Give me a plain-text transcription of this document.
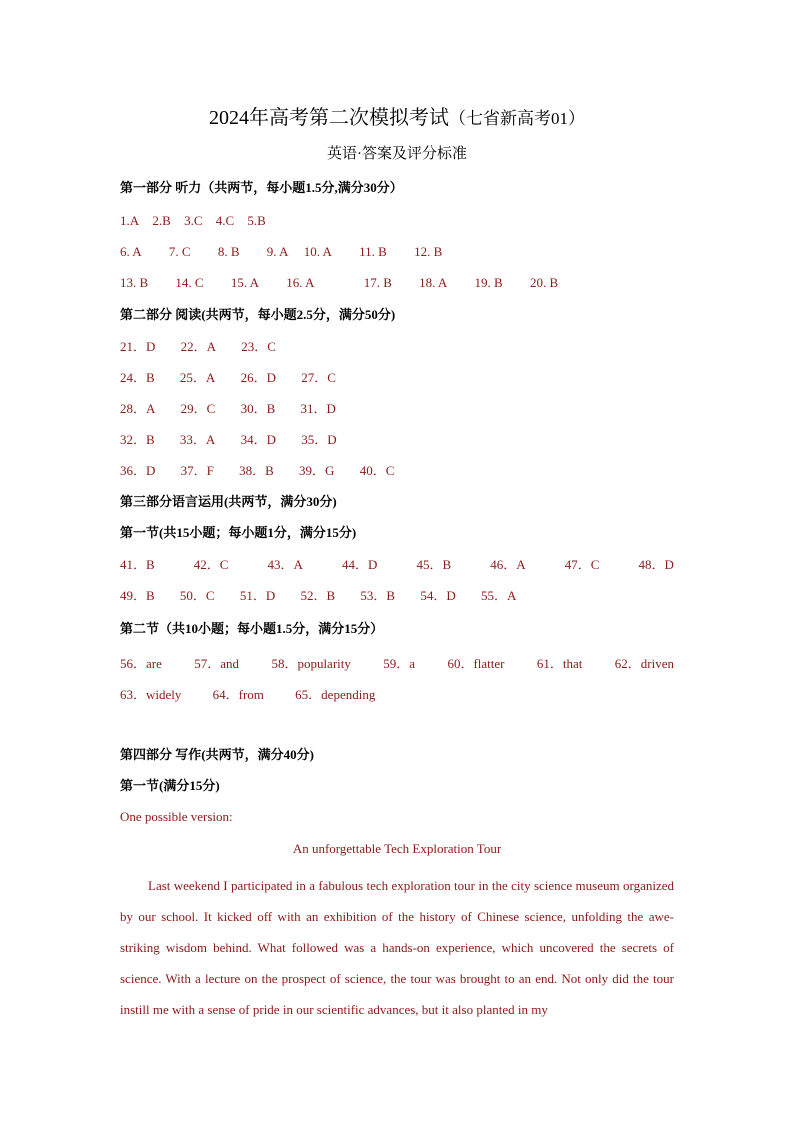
2024年高考第二次模拟考试（七省新高考01）
英语·答案及评分标准
第一部分 听力（共两节，每小题1.5分,满分30分）
1.A 2.B 3.C 4.C 5.B
6. A 7. C 8. B 9. A 10. A 11. B 12. B
13. B 14. C 15. A 16. A	17. B 18. A 19. B 20. B
第二部分 阅读(共两节，每小题2.5分，满分50分)
21．D 22．A 23．C
24．B 25．A 26．D 27．C
28．A 29．C 30．B 31．D
32．B 33．A 34．D 35．D
36．D 37．F 38．B 39．G 40．C
第三部分语言运用(共两节，满分30分)
第一节(共15小题；每小题1分，满分15分)
41．B	42．C	43．A	44．D	45．B	46．A	47．C	48．D
49．B 50．C 51．D 52．B 53．B 54．D 55．A
第二节（共10小题；每小题1.5分，满分15分）
56．are 57．and 58．popularity 59．a 60．flatter 61．that 62．driven
63．widely 64．from 65．depending
第四部分 写作(共两节，满分40分)
第一节(满分15分)
One possible version:
An unforgettable Tech Exploration Tour

Last weekend I participated in a fabulous tech exploration tour in the city science museum organized by our school. It kicked off with an exhibition of the history of Chinese science, unfolding the awe-striking wisdom behind. What followed was a hands-on experience, which uncovered the secrets of science. With a lecture on the prospect of science, the tour was brought to an end. Not only did the tour instill me with a sense of pride in our scientific advances, but it also planted in my
